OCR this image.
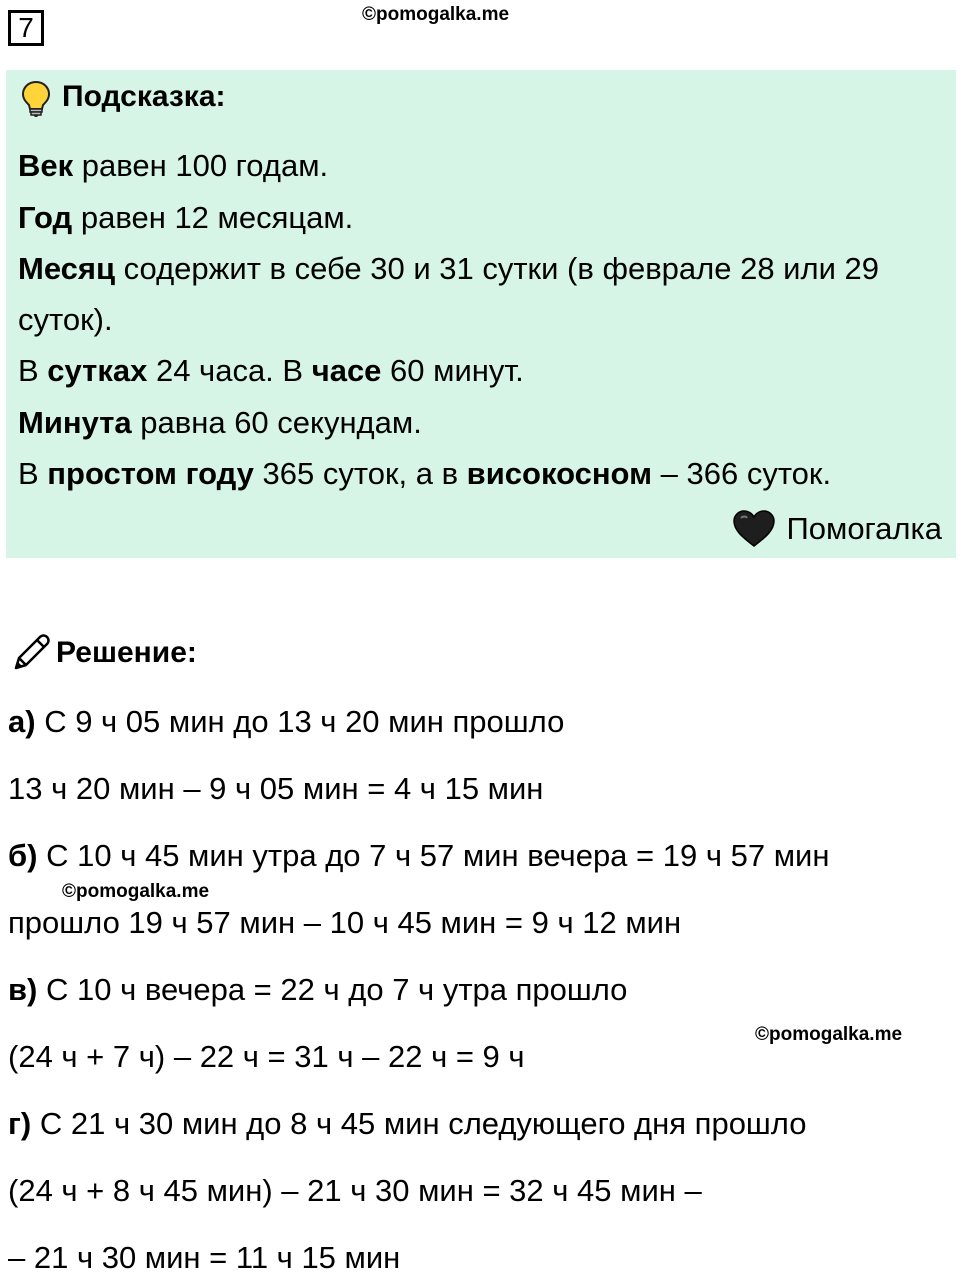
7	©pomogalka.me
Подсказка:
Век равен 100 годам.
Год равен 12 месяцам.
Месяц содержит в себе 30 и 31 сутки (в феврале 28 или 29
суток).
В сутках 24 часа. В часе 60 минут.
Минута равна 60 секундам.
В простом году 365 суток, а в високосном – 366 суток.
Помогалка
Решение:
а) С 9 ч 05 мин до 13 ч 20 мин прошло
13 ч 20 мин – 9 ч 05 мин = 4 ч 15 мин
б) С 10 ч 45 мин утра до 7 ч 57 мин вечера = 19 ч 57 мин
©pomogalka.me
прошло 19 ч 57 мин – 10 ч 45 мин = 9 ч 12 мин
в) С 10 ч вечера = 22 ч до 7 ч утра прошло
©pomogalka.me
(24 ч + 7 ч) – 22 ч = 31 ч – 22 ч = 9 ч
г) С 21 ч 30 мин до 8 ч 45 мин следующего дня прошло
(24 ч + 8 ч 45 мин) – 21 ч 30 мин = 32 ч 45 мин –
– 21 ч 30 мин = 11 ч 15 мин
